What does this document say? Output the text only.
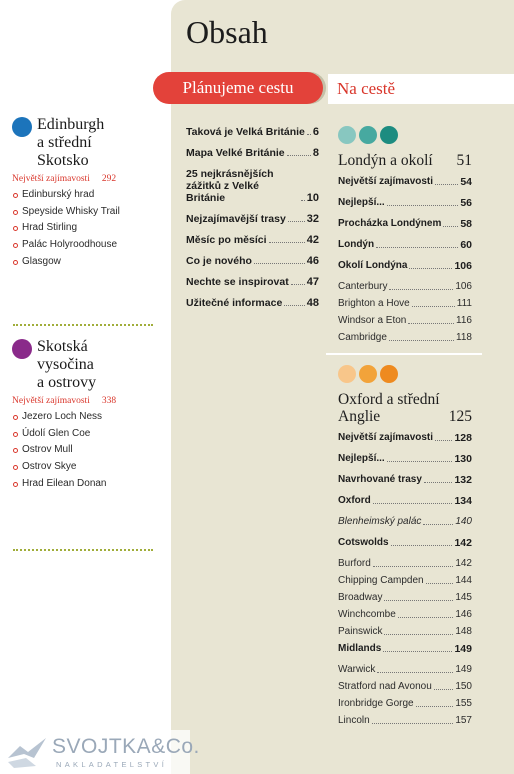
Edinburgh
a střední
Skotsko
Největší zajímavosti 292
Edinburský hrad
Speyside Whisky Trail
Hrad Stirling
Palác Holyroodhouse
Glasgow
Skotská
vysočina
a ostrovy
Největší zajímavosti 338
Jezero Loch Ness
Údolí Glen Coe
Ostrov Mull
Ostrov Skye
Hrad Eilean Donan
Obsah
Na cestě
Plánujeme cestu
Taková je Velká Británie 6
Mapa Velké Británie	8
25 nejkrásnějších zážitků z Velké Británie	10
Nejzajímavější trasy 32
Měsíc po měsíci	42
Co je nového	46
Nechte se inspirovat 47
Užitečné informace 48
Londýn a okolí	51
Největší zajímavosti	54
Nejlepší...	56
Procházka Londýnem 58
Londýn	60
Okolí Londýna	106
Canterbury	106
Brighton a Hove	111
Windsor a Eton	116
Cambridge	118
Oxford a střední Anglie	125
Největší zajímavosti 128
Nejlepší...	130
Navrhované trasy	132
Oxford	134
Blenheimský palác	140
Cotswolds	142
Burford	142
Chipping Campden	144
Broadway	145
Winchcombe	146
Painswick	148
Midlands	149
Warwick	149
Stratford nad Avonou 150
Ironbridge Gorge	155
Lincoln	157
SVOJTKA&Co.
NAKLADATELSTVÍ
